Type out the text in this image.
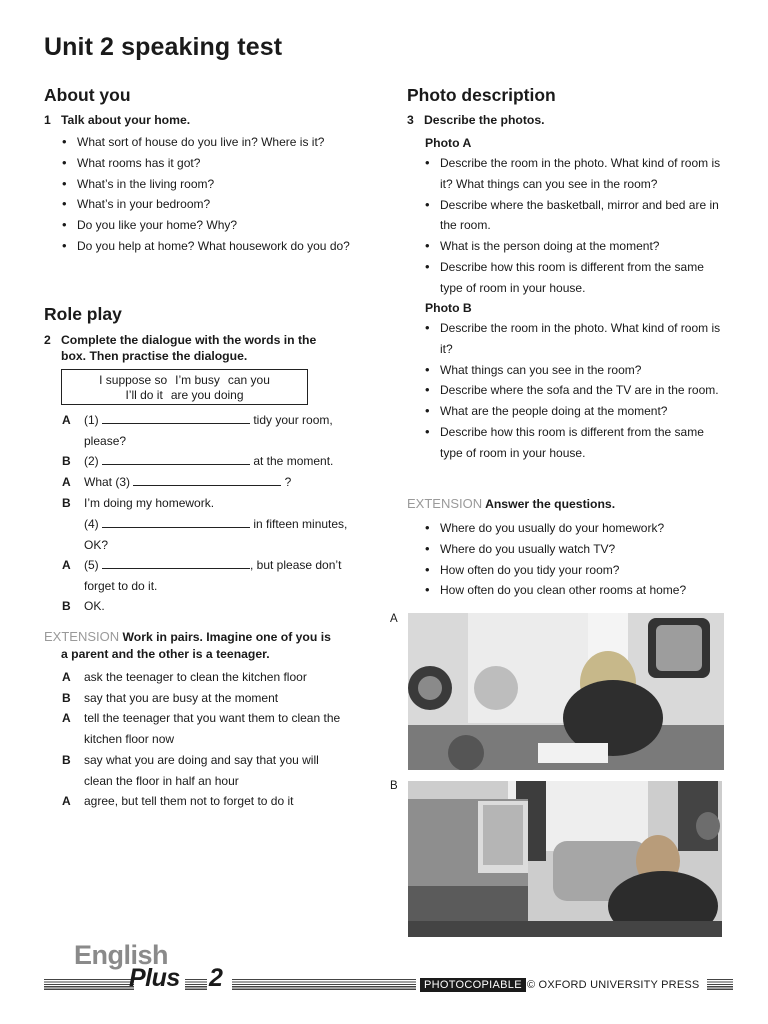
Unit 2 speaking test
About you
1 Talk about your home.
• What sort of house do you live in? Where is it?
• What rooms has it got?
• What’s in the living room?
• What’s in your bedroom?
• Do you like your home? Why?
• Do you help at home? What housework do you do?
Role play
2 Complete the dialogue with the words in the
box. Then practise the dialogue.
I suppose so I’m busy can you
I’ll do it are you doing
A (1)	tidy your room,
please?
B (2)	at the moment.
A What (3)	?
B I’m doing my homework.
(4)	in fifteen minutes,
OK?
A (5)	, but please don’t
forget to do it.
B OK.
EXTENSION Work in pairs. Imagine one of you is
a parent and the other is a teenager.
A ask the teenager to clean the kitchen floor
B say that you are busy at the moment
A tell the teenager that you want them to clean the
kitchen floor now
B say what you are doing and say that you will
clean the floor in half an hour
A agree, but tell them not to forget to do it
Photo description
3 Describe the photos.
Photo A
• Describe the room in the photo. What kind of room is it? What things can you see in the room?
• Describe where the basketball, mirror and bed are in the room.
• What is the person doing at the moment?
• Describe how this room is different from the same type of room in your house.
Photo B
• Describe the room in the photo. What kind of room is it?
• What things can you see in the room?
• Describe where the sofa and the TV are in the room.
• What are the people doing at the moment?
• Describe how this room is different from the same type of room in your house.
EXTENSION Answer the questions.
• Where do you usually do your homework?
• Where do you usually watch TV?
• How often do you tidy your room?
• How often do you clean other rooms at home?
A
B
English
Plus 2	PHOTOCOPIABLE © OXFORD UNIVERSITY PRESS
